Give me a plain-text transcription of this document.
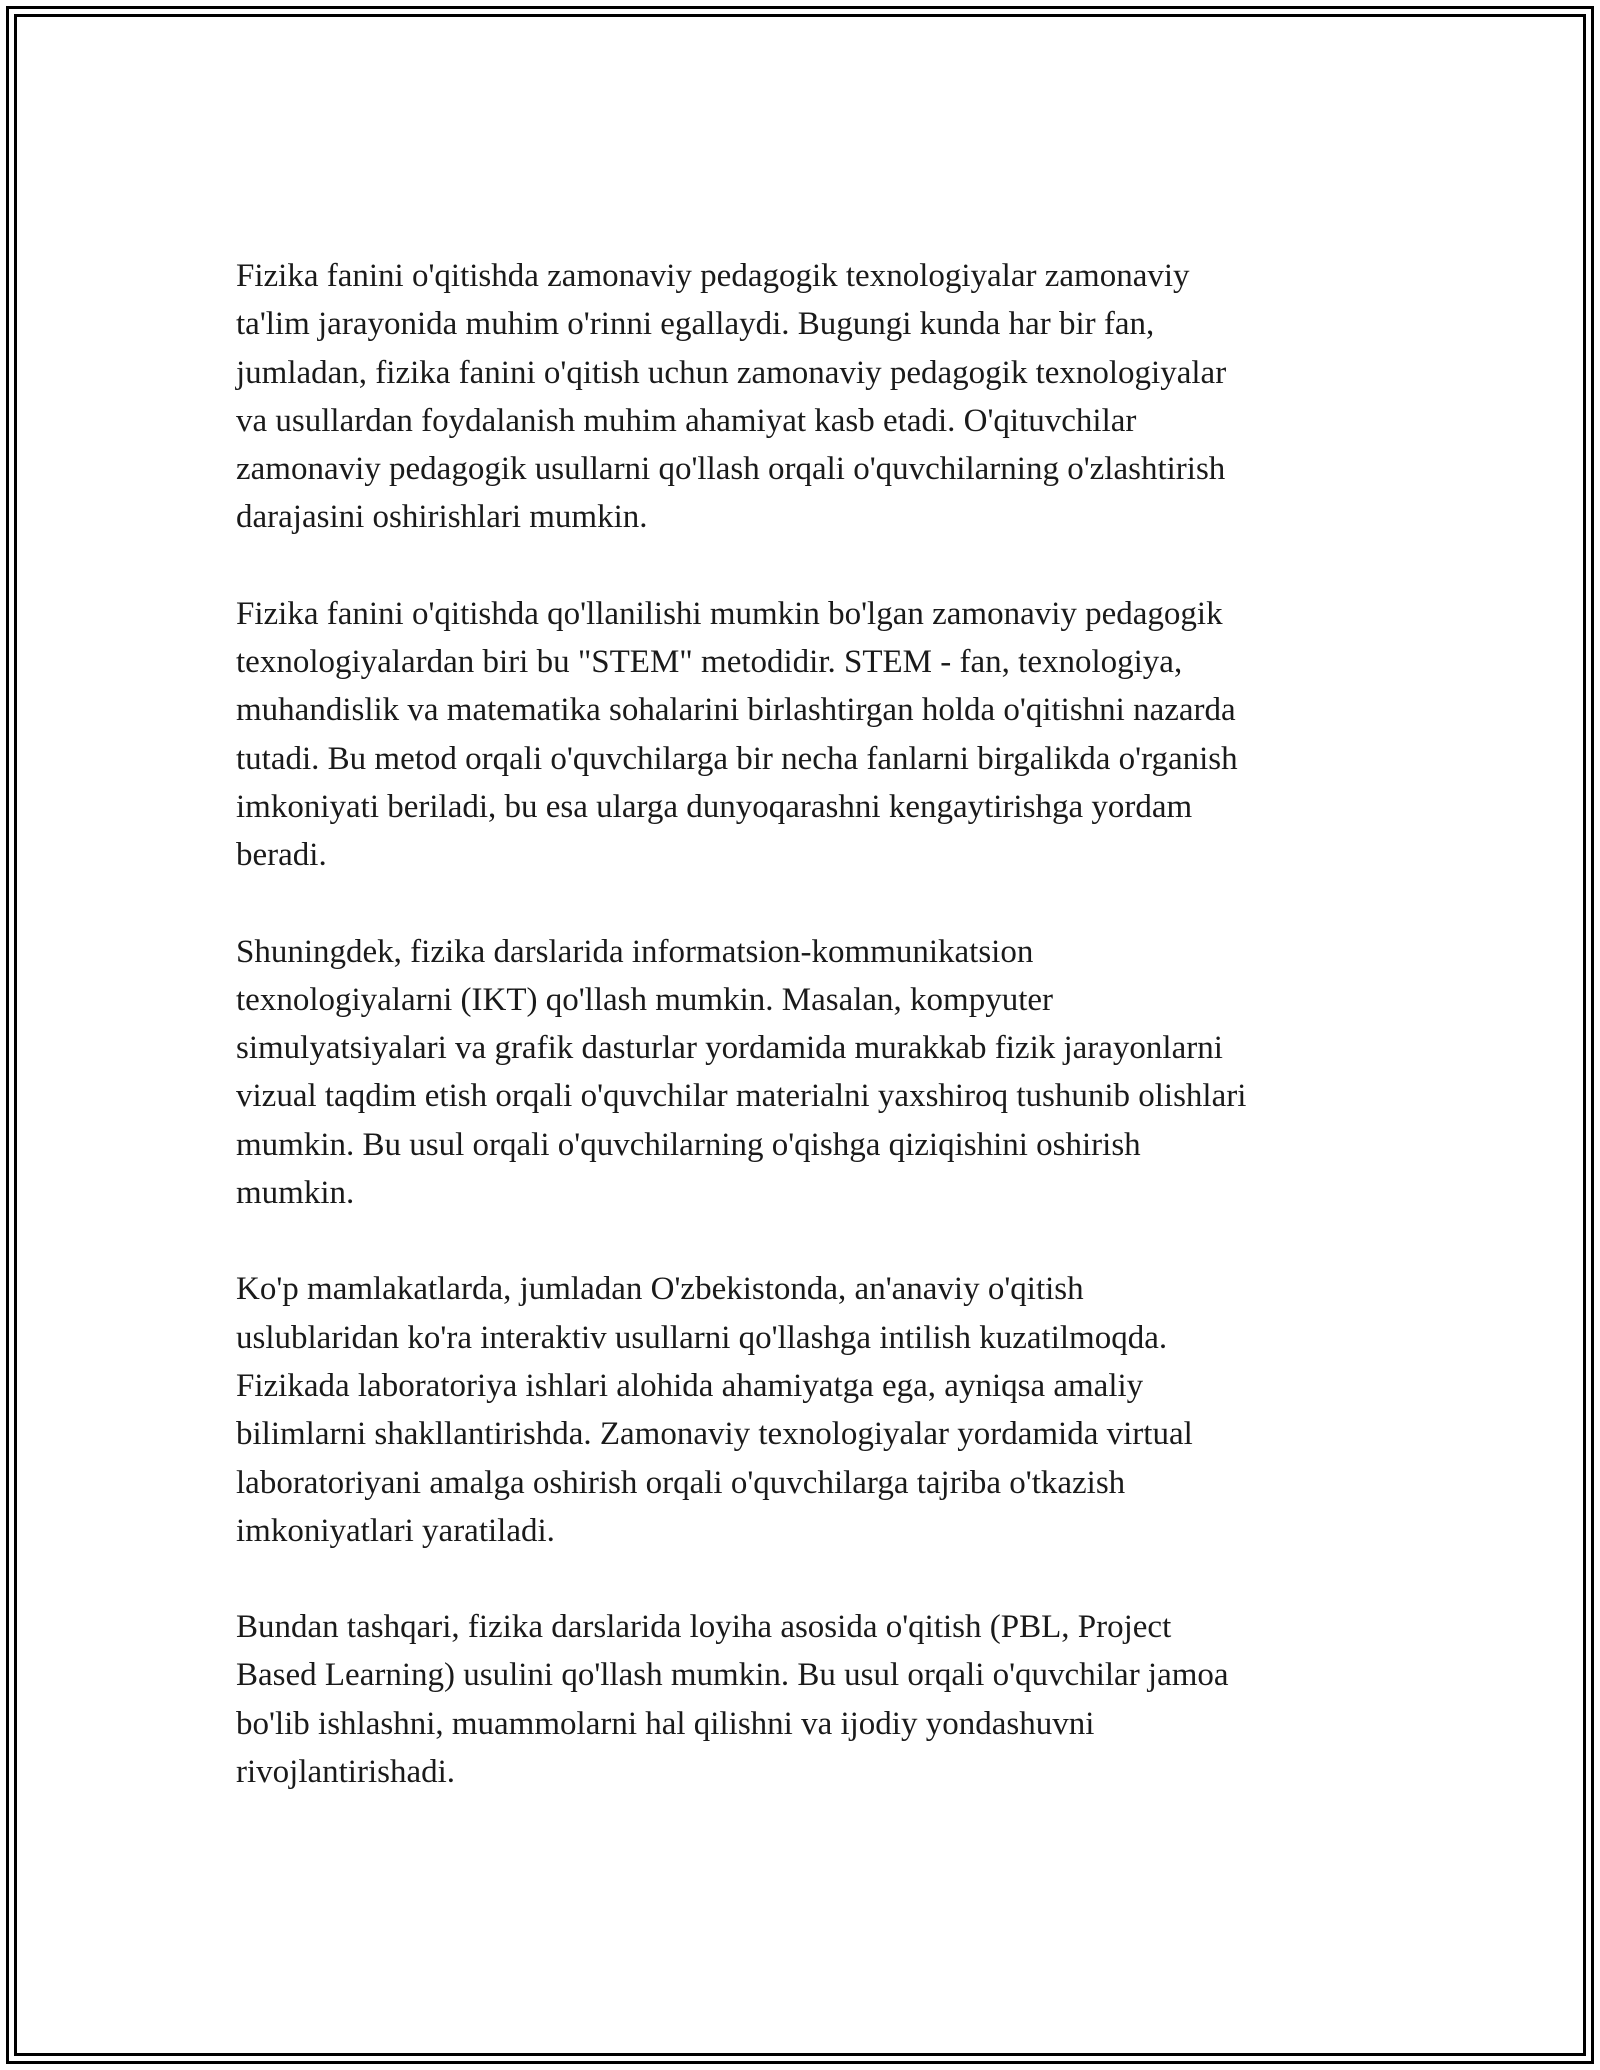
Fizika fanini o'qitishda zamonaviy pedagogik texnologiyalar zamonaviy
ta'lim jarayonida muhim o'rinni egallaydi. Bugungi kunda har bir fan,
jumladan, fizika fanini o'qitish uchun zamonaviy pedagogik texnologiyalar
va usullardan foydalanish muhim ahamiyat kasb etadi. O'qituvchilar
zamonaviy pedagogik usullarni qo'llash orqali o'quvchilarning o'zlashtirish
darajasini oshirishlari mumkin.

Fizika fanini o'qitishda qo'llanilishi mumkin bo'lgan zamonaviy pedagogik
texnologiyalardan biri bu "STEM" metodidir. STEM - fan, texnologiya,
muhandislik va matematika sohalarini birlashtirgan holda o'qitishni nazarda
tutadi. Bu metod orqali o'quvchilarga bir necha fanlarni birgalikda o'rganish
imkoniyati beriladi, bu esa ularga dunyoqarashni kengaytirishga yordam
beradi.

Shuningdek, fizika darslarida informatsion-kommunikatsion
texnologiyalarni (IKT) qo'llash mumkin. Masalan, kompyuter
simulyatsiyalari va grafik dasturlar yordamida murakkab fizik jarayonlarni
vizual taqdim etish orqali o'quvchilar materialni yaxshiroq tushunib olishlari
mumkin. Bu usul orqali o'quvchilarning o'qishga qiziqishini oshirish
mumkin.

Ko'p mamlakatlarda, jumladan O'zbekistonda, an'anaviy o'qitish
uslublaridan ko'ra interaktiv usullarni qo'llashga intilish kuzatilmoqda.
Fizikada laboratoriya ishlari alohida ahamiyatga ega, ayniqsa amaliy
bilimlarni shakllantirishda. Zamonaviy texnologiyalar yordamida virtual
laboratoriyani amalga oshirish orqali o'quvchilarga tajriba o'tkazish
imkoniyatlari yaratiladi.

Bundan tashqari, fizika darslarida loyiha asosida o'qitish (PBL, Project
Based Learning) usulini qo'llash mumkin. Bu usul orqali o'quvchilar jamoa
bo'lib ishlashni, muammolarni hal qilishni va ijodiy yondashuvni
rivojlantirishadi.
